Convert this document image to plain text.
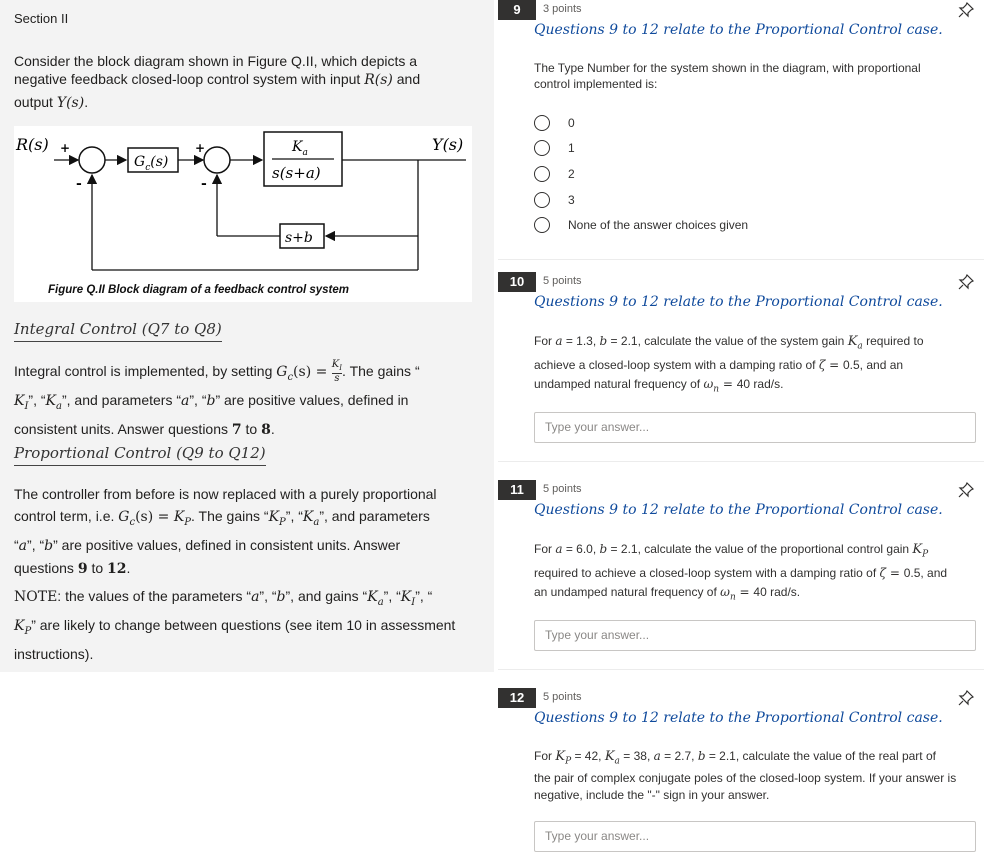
Section II
Consider the block diagram shown in Figure Q.II, which depicts a
negative feedback closed-loop control system with input R(s) and
output Y(s).
R(s) +
-
$G_c(s)$
+
-
$K_a$
s(s+a)
Y(s)
s+b
Figure Q.II Block diagram of a feedback control system
Integral Control (Q7 to Q8)
Integral control is implemented, by setting $G_c(s) = \frac{K_I}{s}$ . The gains “
$K_I$”, “$K_a$”, and parameters “a”, “b” are positive values, defined in
consistent units. Answer questions 7 to 8.
Proportional Control (Q9 to Q12)
The controller from before is now replaced with a purely proportional
control term, i.e. $G_c(s) = K_P$. The gains “$K_P$”, “$K_a$”, and parameters
“a”, “b” are positive values, defined in consistent units. Answer
questions 9 to 12.
NOTE: the values of the parameters “a”, “b”, and gains “$K_a$”, “$K_I$”, “
$K_P$” are likely to change between questions (see item 10 in assessment
instructions).
9	3 points
Questions 9 to 12 relate to the Proportional Control case.
The Type Number for the system shown in the diagram, with proportional
control implemented is:
0
1
2
3
None of the answer choices given
10	5 points
Questions 9 to 12 relate to the Proportional Control case.
For a = 1.3, b = 2.1, calculate the value of the system gain $K_a$ required to
achieve a closed-loop system with a damping ratio of ζ = 0.5, and an
undamped natural frequency of $\omega_n = 40$ rad/s.
Type your answer...
11	5 points
Questions 9 to 12 relate to the Proportional Control case.
For a = 6.0, b = 2.1, calculate the value of the proportional control gain $K_P$
required to achieve a closed-loop system with a damping ratio of ζ = 0.5, and
an undamped natural frequency of $\omega_n = 40$ rad/s.
Type your answer...
12	5 points
Questions 9 to 12 relate to the Proportional Control case.
For $K_P = 42$, $K_a = 38$, a = 2.7, b = 2.1, calculate the value of the real part of
the pair of complex conjugate poles of the closed-loop system. If your answer is
negative, include the "-" sign in your answer.
Type your answer...
